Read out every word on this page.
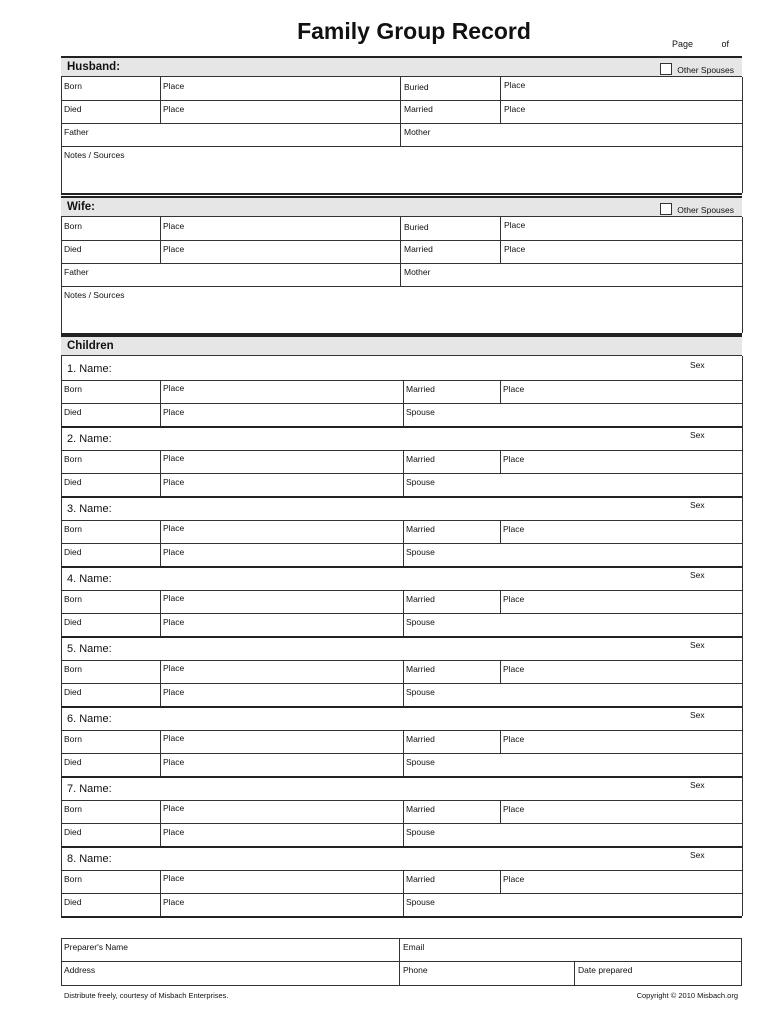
Family Group Record	Page	of
Husband:	Other Spouses
Born	Place	Buried	Place
Died	Place	Married	Place
Father	Mother
Notes / Sources
Wife:	Other Spouses
Born	Place	Buried	Place
Died	Place	Married	Place
Father	Mother
Notes / Sources
Children
1. Name:	Sex
Born	Place	Married	Place
Died	Place	Spouse
2. Name:	Sex
Born	Place	Married	Place
Died	Place	Spouse
3. Name:	Sex
Born	Place	Married	Place
Died	Place	Spouse
4. Name:	Sex
Born	Place	Married	Place
Died	Place	Spouse
5. Name:	Sex
Born	Place	Married	Place
Died	Place	Spouse
6. Name:	Sex
Born	Place	Married	Place
Died	Place	Spouse
7. Name:	Sex
Born	Place	Married	Place
Died	Place	Spouse
8. Name:	Sex
Born	Place	Married	Place
Died	Place	Spouse
Preparer's Name	Email
Address	Phone	Date prepared
Distribute freely, courtesy of Misbach Enterprises.	Copyright © 2010 Misbach.org
